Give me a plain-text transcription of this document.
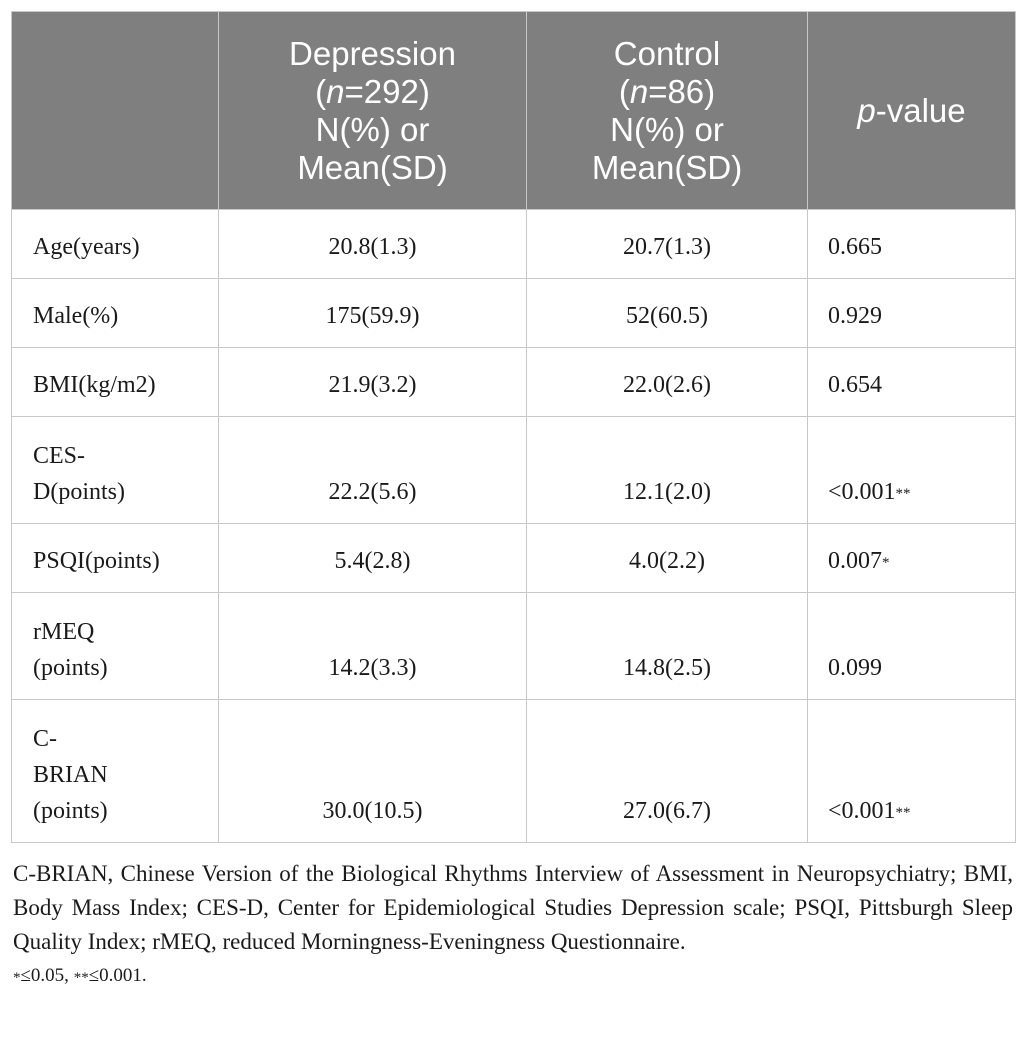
	Depression
(n=292)
N(%) or
Mean(SD)	Control
(n=86)
N(%) or
Mean(SD)	p-value

Age(years)	20.8(1.3)	20.7(1.3)	0.665

Male(%)	175(59.9)	52(60.5)	0.929

BMI(kg/m2)	21.9(3.2)	22.0(2.6)	0.654

CES-
D(points)	22.2(5.6)	12.1(2.0)	<0.001**

PSQI(points)	5.4(2.8)	4.0(2.2)	0.007*

rMEQ
(points)	14.2(3.3)	14.8(2.5)	0.099

C-
BRIAN
(points)	30.0(10.5)	27.0(6.7)	<0.001**
C-BRIAN, Chinese Version of the Biological Rhythms Interview of Assessment in Neuropsychiatry; BMI, Body Mass Index; CES-D, Center for Epidemiological Studies Depression scale; PSQI, Pittsburgh Sleep Quality Index; rMEQ, reduced Morningness-Eveningness Questionnaire.
*≤0.05, **≤0.001.
